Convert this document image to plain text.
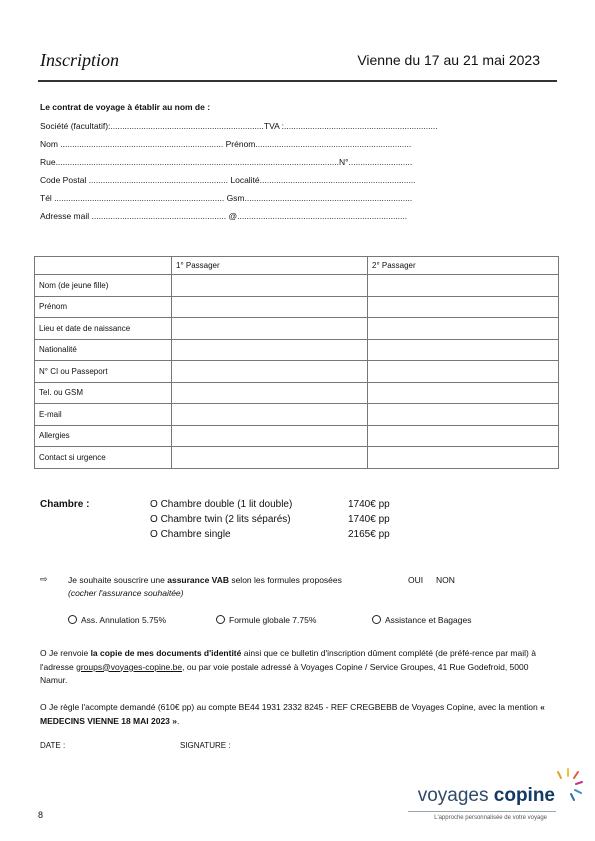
Inscription	Vienne du 17 au 21 mai 2023
Le contrat de voyage à établir au nom de :
Société (facultatif):.................................................................TVA :.................................................................
Nom ..................................................................... Prénom..................................................................
Rue........................................................................................................................N°...........................
Code Postal ........................................................... Localité..................................................................
Tél ........................................................................ Gsm.......................................................................
Adresse mail ......................................................... @........................................................................
	1° Passager	2° Passager
Nom (de jeune fille)		
Prénom		
Lieu et date de naissance		
Nationalité		
N° CI ou Passeport		
Tel. ou GSM		
E-mail		
Allergies		
Contact si urgence		
Chambre :	O Chambre double (1 lit double)	1740€ pp
O Chambre twin (2 lits séparés)	1740€ pp
O Chambre single	2165€ pp
⇨ Je souhaite souscrire une assurance VAB selon les formules proposées	OUI NON
(cocher l'assurance souhaitée)
Ass. Annulation 5.75%	Formule globale 7.75%	Assistance et Bagages
O Je renvoie la copie de mes documents d'identité ainsi que ce bulletin d'inscription dûment complété (de préfé-rence par mail) à l'adresse groups@voyages-copine.be, ou par voie postale adressé à Voyages Copine / Service Groupes, 41 Rue Godefroid, 5000 Namur.
O Je règle l'acompte demandé (610€ pp) au compte BE44 1931 2332 8245 - REF CREGBEBB de Voyages Copine, avec la mention « MEDECINS VIENNE 18 MAI 2023 ».
DATE :	SIGNATURE :
8
voyages copine
L'approche personnalisée de votre voyage
